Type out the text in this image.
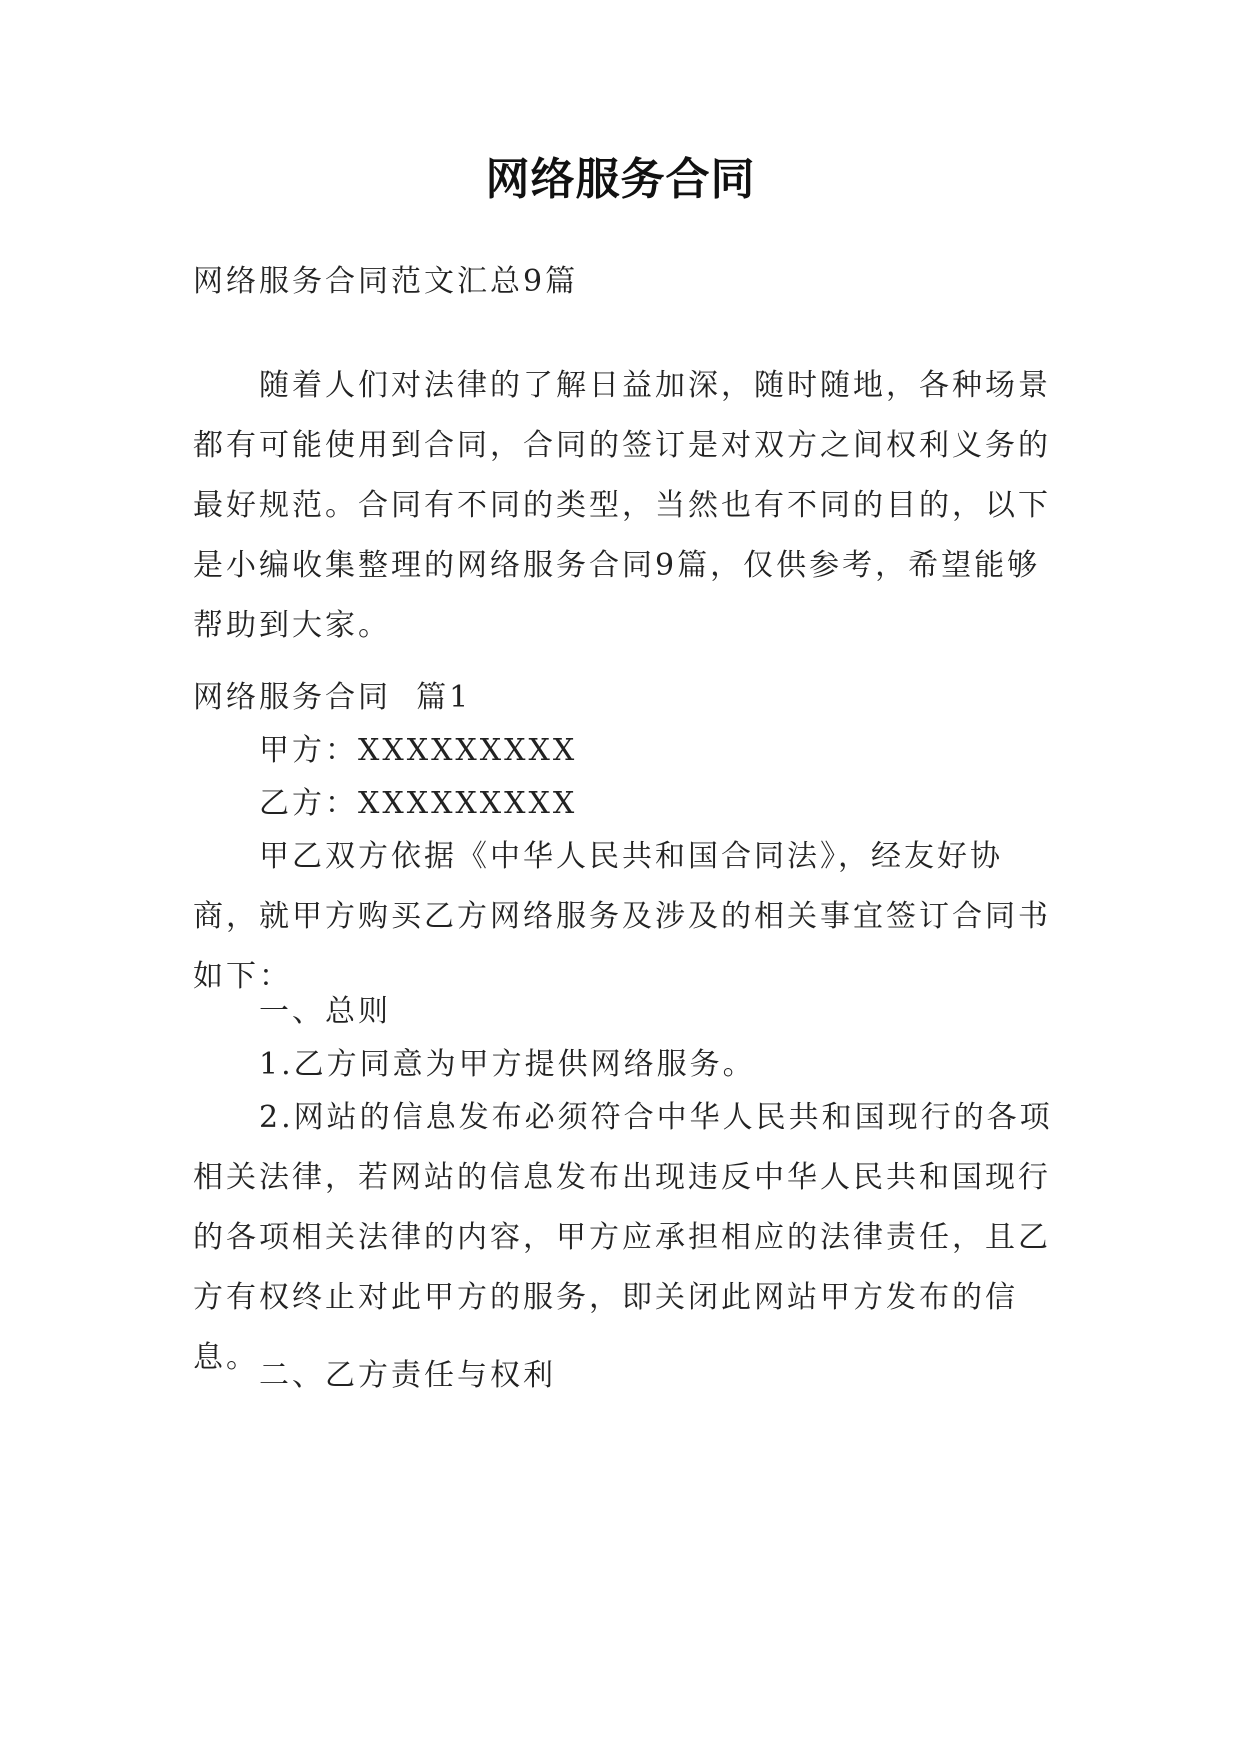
网络服务合同
网络服务合同范文汇总9篇
随着人们对法律的了解日益加深，随时随地，各种场景都有可能使用到合同，合同的签订是对双方之间权利义务的最好规范。合同有不同的类型，当然也有不同的目的，以下是小编收集整理的网络服务合同9篇，仅供参考，希望能够帮助到大家。
网络服务合同  篇1
甲方：XXXXXXXXX
乙方：XXXXXXXXX
甲乙双方依据《中华人民共和国合同法》，经友好协商，就甲方购买乙方网络服务及涉及的相关事宜签订合同书如下：
一、总则
1.乙方同意为甲方提供网络服务。
2.网站的信息发布必须符合中华人民共和国现行的各项相关法律，若网站的信息发布出现违反中华人民共和国现行的各项相关法律的内容，甲方应承担相应的法律责任，且乙方有权终止对此甲方的服务，即关闭此网站甲方发布的信息。
二、乙方责任与权利
